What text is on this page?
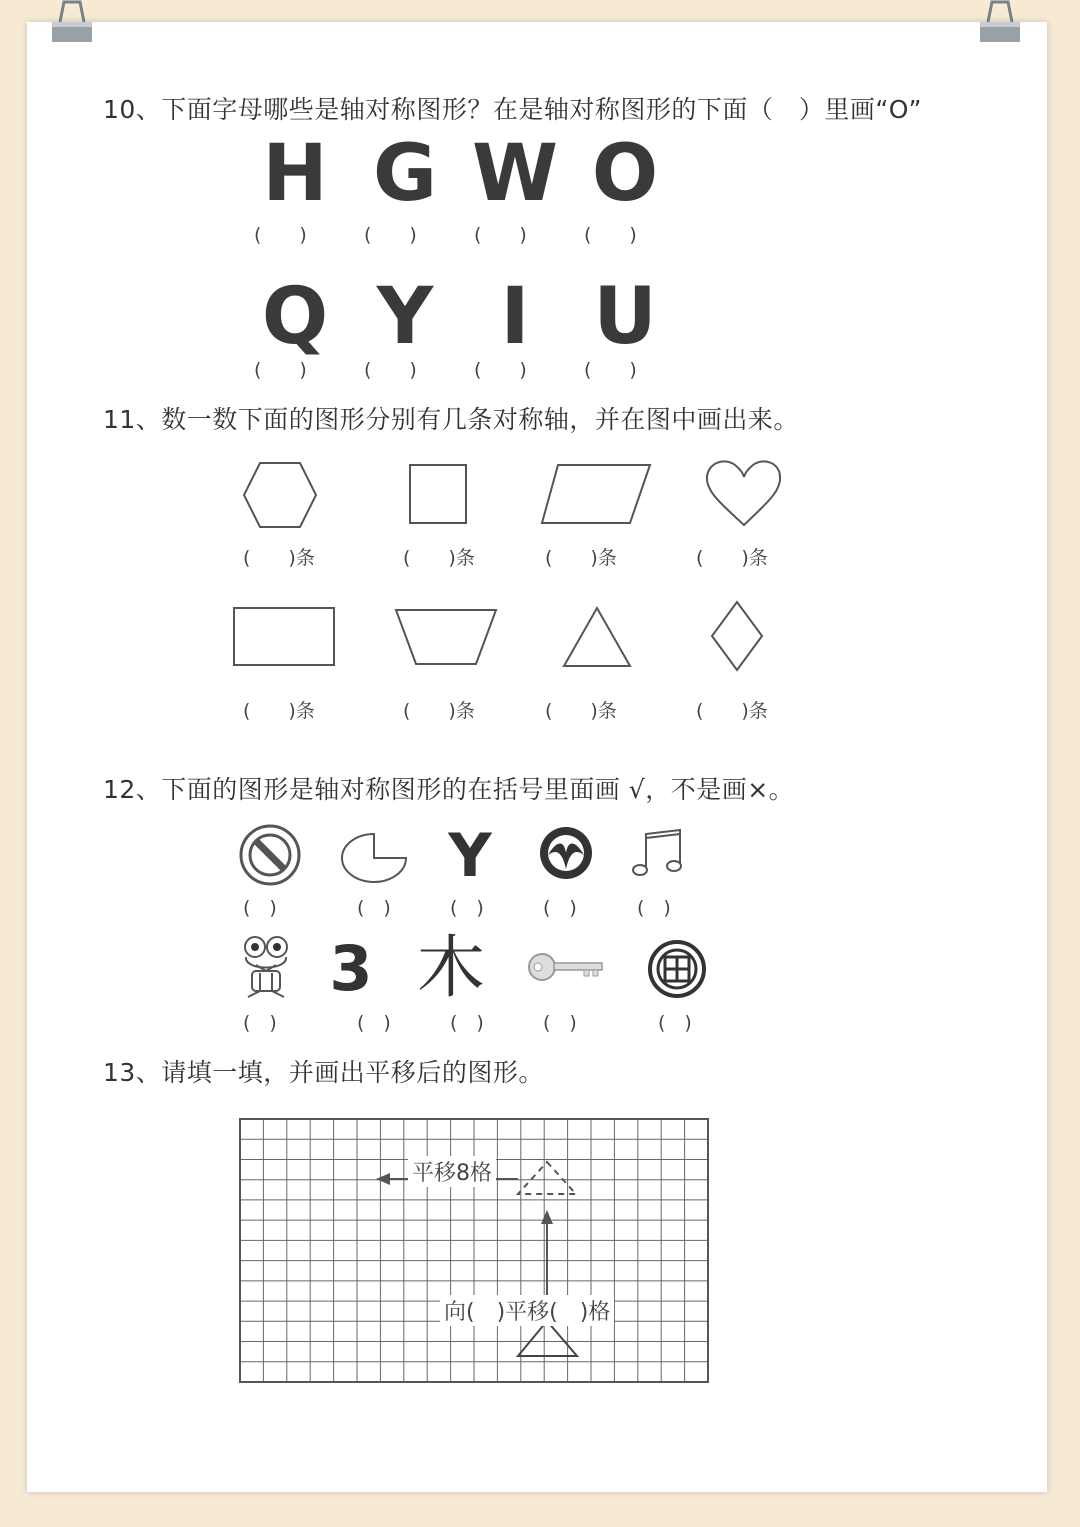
10、下面字母哪些是轴对称图形？在是轴对称图形的下面（　）里画“O”
H G W O
(　　)	(　　)	(　　)	(　　)
Q Y I U
(　　)	(　　)	(　　)	(　　)
11、数一数下面的图形分别有几条对称轴，并在图中画出来。
(　　)条	(　　)条	(　　)条	(　　)条
(　　)条	(　　)条	(　　)条	(　　)条
12、下面的图形是轴对称图形的在括号里面画 √，不是画×。
Y
(　)	(　)	(　)	(　)	(　)
3 木
(　)	(　)	(　)	(　)	(　)
13、请填一填，并画出平移后的图形。
平移8格
向(　)平移(　)格
